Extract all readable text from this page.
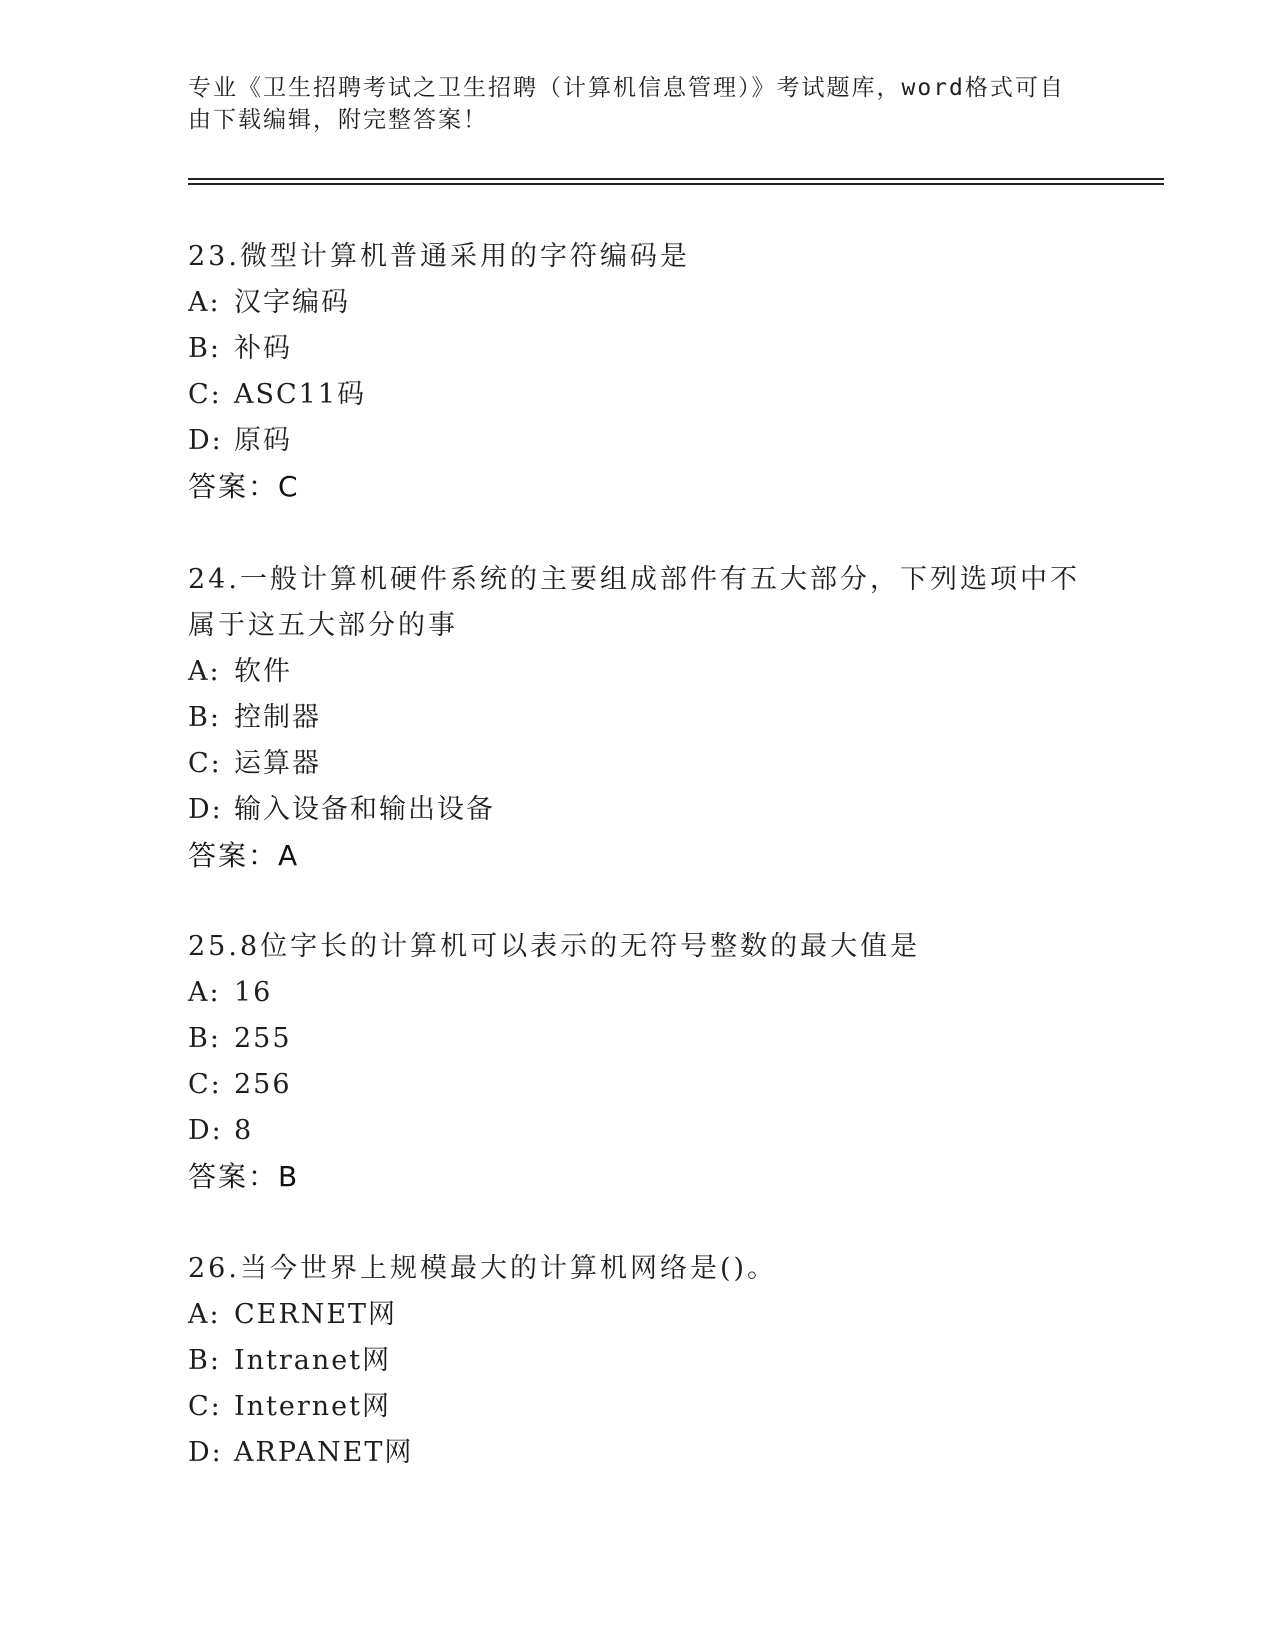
专业《卫生招聘考试之卫生招聘（计算机信息管理）》考试题库，word格式可自
由下载编辑，附完整答案！

23.微型计算机普通采用的字符编码是

A: 汉字编码
B: 补码
C: ASC11码
D: 原码
答案：C

24.一般计算机硬件系统的主要组成部件有五大部分，下列选项中不属于这五大部分的事

A: 软件
B: 控制器
C: 运算器
D: 输入设备和输出设备
答案：A

25.8位字长的计算机可以表示的无符号整数的最大值是

A: 16
B: 255
C: 256
D: 8
答案：B

26.当今世界上规模最大的计算机网络是()。

A: CERNET网
B: Intranet网
C: Internet网
D: ARPANET网
